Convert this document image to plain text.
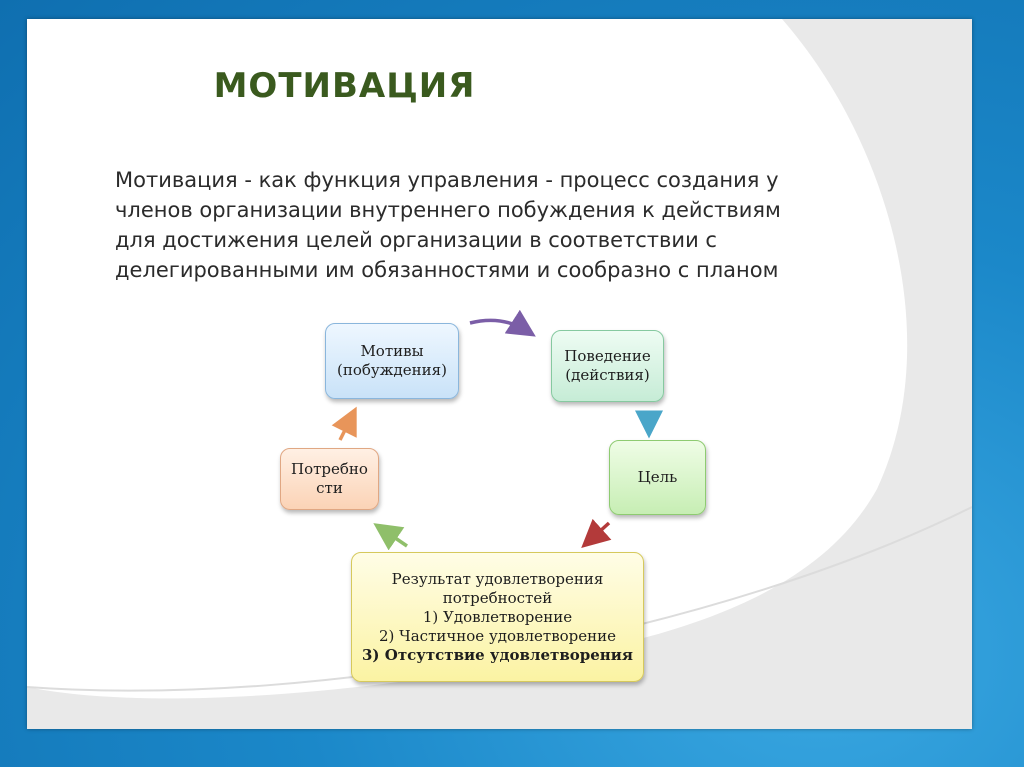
МОТИВАЦИЯ
Мотивация - как функция управления - процесс создания у
членов организации внутреннего побуждения к действиям
для достижения целей организации в соответствии с
делегированными им обязанностями и сообразно с планом
Мотивы
(побуждения)
Поведение
(действия)
Цель
Потребно
сти
Результат удовлетворения
потребностей
1) Удовлетворение
2) Частичное удовлетворение
3) Отсутствие удовлетворения
